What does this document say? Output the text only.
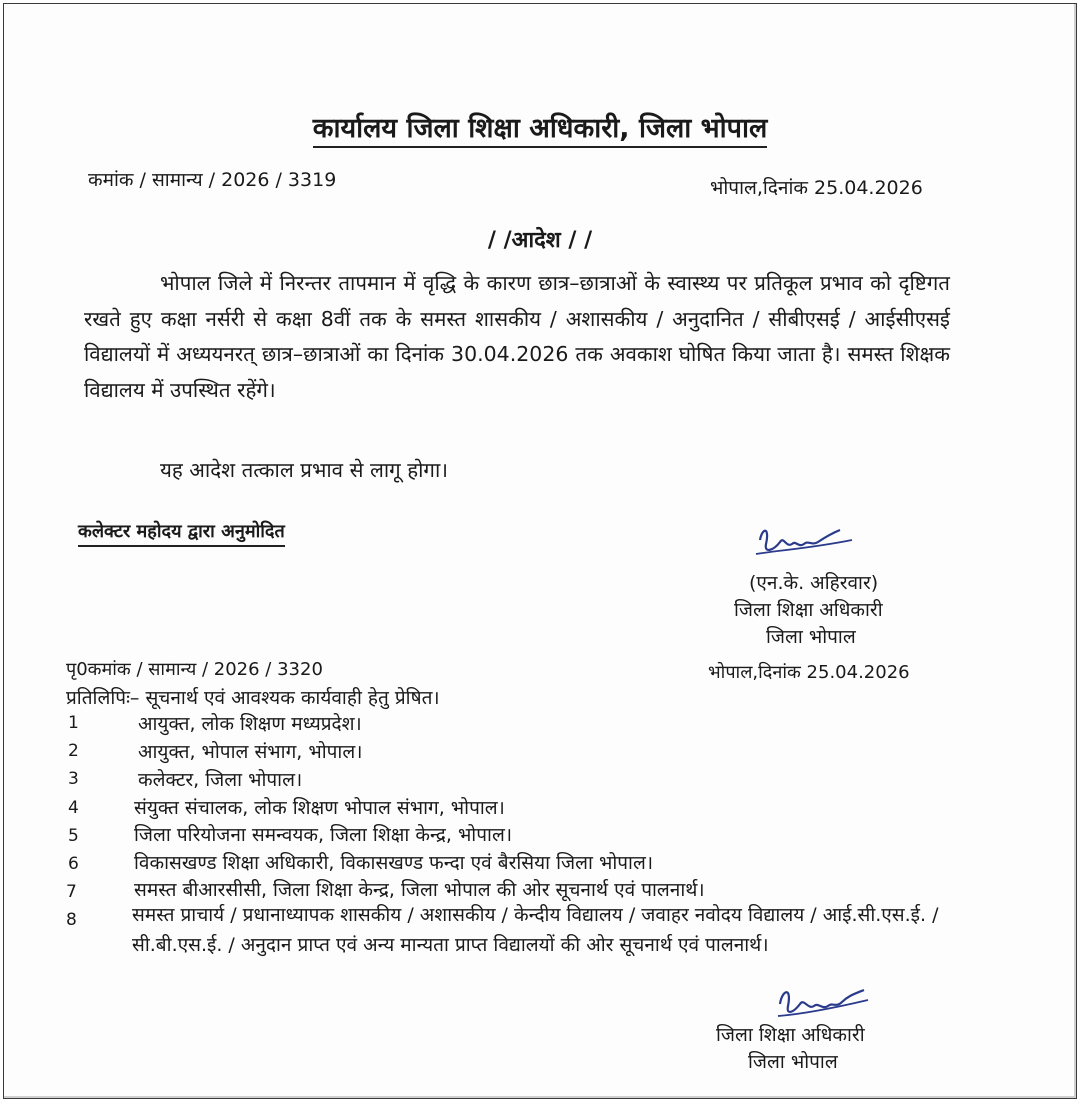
कार्यालय जिला शिक्षा अधिकारी, जिला भोपाल
कमांक / सामान्य / 2026 / 3319	भोपाल,दिनांक 25.04.2026
/ /आदेश / /
भोपाल जिले में निरन्तर तापमान में वृद्धि के कारण छात्र–छात्राओं के स्वास्थ्य पर प्रतिकूल प्रभाव को दृष्टिगत रखते हुए कक्षा नर्सरी से कक्षा 8वीं तक के समस्त शासकीय / अशासकीय / अनुदानित / सीबीएसई / आईसीएसई विद्यालयों में अध्ययनरत् छात्र–छात्राओं का दिनांक 30.04.2026 तक अवकाश घोषित किया जाता है। समस्त शिक्षक विद्यालय में उपस्थित रहेंगे।
यह आदेश तत्काल प्रभाव से लागू होगा।
कलेक्टर महोदय द्वारा अनुमोदित
(एन.के. अहिरवार)
जिला शिक्षा अधिकारी
जिला भोपाल
पृ0कमांक / सामान्य / 2026 / 3320	भोपाल,दिनांक 25.04.2026
प्रतिलिपिः– सूचनार्थ एवं आवश्यक कार्यवाही हेतु प्रेषित।
1	आयुक्त, लोक शिक्षण मध्यप्रदेश।
2	आयुक्त, भोपाल संभाग, भोपाल।
3	कलेक्टर, जिला भोपाल।
4	संयुक्त संचालक, लोक शिक्षण भोपाल संभाग, भोपाल।
5	जिला परियोजना समन्वयक, जिला शिक्षा केन्द्र, भोपाल।
6	विकासखण्ड शिक्षा अधिकारी, विकासखण्ड फन्दा एवं बैरसिया जिला भोपाल।
7	समस्त बीआरसीसी, जिला शिक्षा केन्द्र, जिला भोपाल की ओर सूचनार्थ एवं पालनार्थ।
8	समस्त प्राचार्य / प्रधानाध्यापक शासकीय / अशासकीय / केन्दीय विद्यालय / जवाहर नवोदय विद्यालय / आई.सी.एस.ई. / सी.बी.एस.ई. / अनुदान प्राप्त एवं अन्य मान्यता प्राप्त विद्यालयों की ओर सूचनार्थ एवं पालनार्थ।
जिला शिक्षा अधिकारी
जिला भोपाल
